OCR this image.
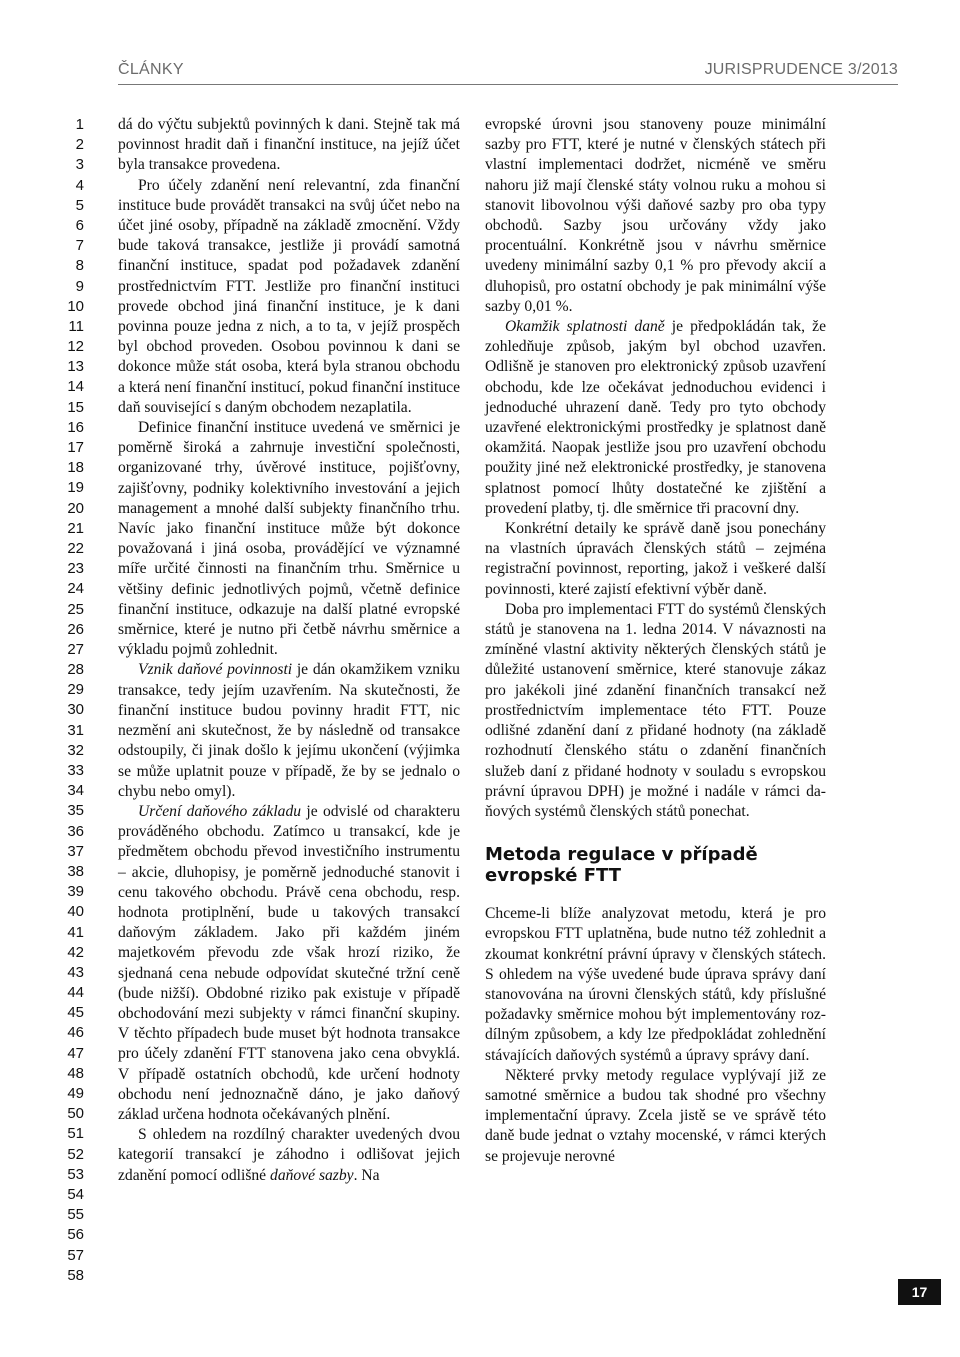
ČLÁNKY	JURISPRUDENCE 3/2013
1
2
3
4
5
6
7
8
9
10
11
12
13
14
15
16
17
18
19
20
21
22
23
24
25
26
27
28
29
30
31
32
33
34
35
36
37
38
39
40
41
42
43
44
45
46
47
48
49
50
51
52
53
54
55
56
57
58

dá do výčtu subjektů povinných k dani. Stejně tak má povinnost hradit daň i finanční instituce, na jejíž účet byla transakce provedena.

Pro účely zdanění není relevantní, zda finanční instituce bude provádět transakci na svůj účet nebo na účet jiné osoby, případně na základě zmocnění. Vždy bude taková transakce, jestliže ji provádí samotná finanční instituce, spadat pod požadavek zdanění prostřednictvím FTT. Jestliže pro finanční instituci provede obchod jiná finanční instituce, je k dani povinna pouze jedna z nich, a to ta, v jejíž prospěch byl obchod proveden. Osobou povinnou k dani se dokonce může stát osoba, která byla stranou obchodu a která není finanční institucí, pokud finanční instituce daň související s daným obchodem nezaplatila.

Definice finanční instituce uvedená ve směrnici je poměrně široká a zahrnuje investiční společnosti, organizované trhy, úvěrové instituce, pojišťovny, zajišťovny, podniky kolektivního investování a jejich management a mnohé další subjekty finančního trhu. Navíc jako finanční instituce může být dokonce považovaná i jiná osoba, provádějící ve významné míře určité činnosti na finančním trhu. Směrnice u většiny definic jednotlivých pojmů, včetně definice finanční instituce, odkazuje na další platné evropské směrnice, které je nutno při četbě návrhu směrnice a výkladu pojmů zohlednit.

Vznik daňové povinnosti je dán okamžikem vzniku transakce, tedy jejím uzavřením. Na skutečnosti, že finanční instituce budou povinny hradit FTT, nic nezmění ani skutečnost, že by následně od transakce odstoupily, či jinak došlo k jejímu ukončení (výjimka se může uplatnit pouze v případě, že by se jednalo o chybu nebo omyl).

Určení daňového základu je odvislé od charakteru prováděného obchodu. Zatímco u transakcí, kde je předmětem obchodu převod investičního instrumentu – akcie, dluhopisy, je poměrně jednoduché stanovit i cenu takového obchodu. Právě cena obchodu, resp. hodnota protiplnění, bude u takových transakcí daňovým základem. Jako při každém jiném majetkovém převodu zde však hrozí riziko, že sjednaná cena nebude odpovídat skutečné tržní ceně (bude nižší). Obdobné riziko pak existuje v případě obchodování mezi subjekty v rámci finanční skupiny. V těchto případech bude muset být hodnota transakce pro účely zdanění FTT stanovena jako cena obvyklá. V případě ostatních obchodů, kde určení hodnoty obchodu není jednoznačně dáno, je jako daňový základ určena hodnota očekávaných plnění.

S ohledem na rozdílný charakter uvedených dvou kategorií transakcí je záhodno i odlišovat jejich zdanění pomocí odlišné daňové sazby. Na

evropské úrovni jsou stanoveny pouze minimální sazby pro FTT, které je nutné v členských státech při vlastní implementaci dodržet, nicméně ve směru nahoru již mají členské státy volnou ruku a mohou si stanovit libovolnou výši daňové sazby pro oba typy obchodů. Sazby jsou určovány vždy jako procentuální. Konkrétně jsou v návrhu směrnice uvedeny minimální sazby 0,1 % pro převody akcií a dluhopisů, pro ostatní obchody je pak minimální výše sazby 0,01 %.

Okamžik splatnosti daně je předpokládán tak, že zohledňuje způsob, jakým byl obchod uzavřen. Odlišně je stanoven pro elektronický způsob uzavření obchodu, kde lze očekávat jednoduchou evidenci i jednoduché uhrazení daně. Tedy pro tyto obchody uzavřené elektronickými prostředky je splatnost daně okamžitá. Naopak jestliže jsou pro uzavření obchodu použity jiné než elektronické prostředky, je stanovena splatnost pomocí lhůty dostatečné ke zjištění a provedení platby, tj. dle směrnice tři pracovní dny.

Konkrétní detaily ke správě daně jsou ponechány na vlastních úpravách členských států – zejména registrační povinnost, reporting, jakož i veškeré další povinnosti, které zajistí efektivní výběr daně.

Doba pro implementaci FTT do systémů členských států je stanovena na 1. ledna 2014. V návaznosti na zmíněné vlastní aktivity některých členských států je důležité ustanovení směrnice, které stanovuje zákaz pro jakékoli jiné zdanění finančních transakcí než prostřednictvím implementace této FTT. Pouze odlišné zdanění daní z přidané hodnoty (na základě rozhodnutí členského státu o zdanění finančních služeb daní z přidané hodnoty v souladu s evropskou právní úpravou DPH) je možné i nadále v rámci daňových systémů členských států ponechat.

Metoda regulace v případě evropské FTT

Chceme-li blíže analyzovat metodu, která je pro evropskou FTT uplatněna, bude nutno též zohlednit a zkoumat konkrétní právní úpravy v členských státech. S ohledem na výše uvedené bude úprava správy daní stanovována na úrovni členských států, kdy příslušné požadavky směrnice mohou být implementovány rozdílným způsobem, a kdy lze předpokládat zohlednění stávajících daňových systémů a úpravy správy daní.

Některé prvky metody regulace vyplývají již ze samotné směrnice a budou tak shodné pro všechny implementační úpravy. Zcela jistě se ve správě této daně bude jednat o vztahy mocenské, v rámci kterých se projevuje nerovné

17
